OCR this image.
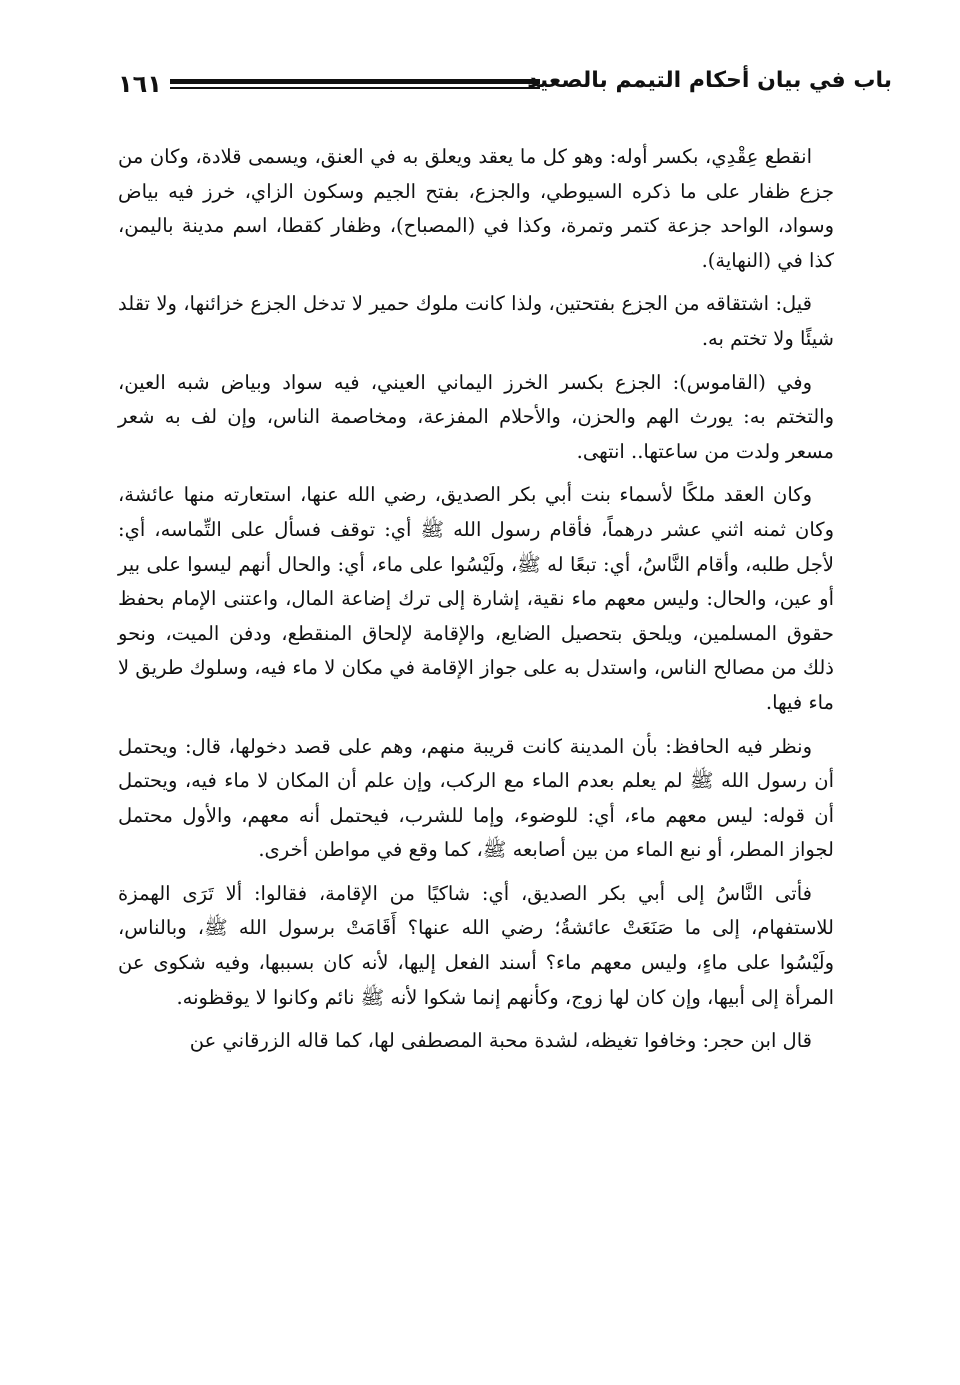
١٦١	باب في بيان أحكام التيمم بالصعيد

انقطع عِقْدِي، بكسر أوله: وهو كل ما يعقد ويعلق به في العنق، ويسمى قلادة، وكان من جزع ظفار على ما ذكره السيوطي، والجزع، بفتح الجيم وسكون الزاي، خرز فيه بياض وسواد، الواحد جزعة كتمر وتمرة، وكذا في (المصباح)، وظفار كقطا، اسم مدينة باليمن، كذا في (النهاية).

قيل: اشتقاقه من الجزع بفتحتين، ولذا كانت ملوك حمير لا تدخل الجزع خزائنها، ولا تقلد شيئًا ولا تختم به.

وفي (القاموس): الجزع بكسر الخرز اليماني العيني، فيه سواد وبياض شبه العين، والتختم به: يورث الهم والحزن، والأحلام المفزعة، ومخاصمة الناس، وإن لف به شعر مسعر ولدت من ساعتها.. انتهى.

وكان العقد ملكًا لأسماء بنت أبي بكر الصديق، رضي الله عنها، استعارته منها عائشة، وكان ثمنه اثني عشر درهماً، فأقام رسول الله ﷺ أي: توقف فسأل على التِّماسه، أي: لأجل طلبه، وأقام النَّاسُ، أي: تبعًا له ﷺ، ولَيْسُوا على ماء، أي: والحال أنهم ليسوا على بير أو عين، والحال: وليس معهم ماء نقية، إشارة إلى ترك إضاعة المال، واعتنى الإمام بحفظ حقوق المسلمين، ويلحق بتحصيل الضايع، والإقامة لإلحاق المنقطع، ودفن الميت، ونحو ذلك من مصالح الناس، واستدل به على جواز الإقامة في مكان لا ماء فيه، وسلوك طريق لا ماء فيها.

ونظر فيه الحافظ: بأن المدينة كانت قريبة منهم، وهم على قصد دخولها، قال: ويحتمل أن رسول الله ﷺ لم يعلم بعدم الماء مع الركب، وإن علم أن المكان لا ماء فيه، ويحتمل أن قوله: ليس معهم ماء، أي: للوضوء، وإما للشرب، فيحتمل أنه معهم، والأول محتمل لجواز المطر، أو نبع الماء من بين أصابعه ﷺ، كما وقع في مواطن أخرى.

فأتى النَّاسُ إلى أبي بكر الصديق، أي: شاكيًا من الإقامة، فقالوا: ألا تَرَى الهمزة للاستفهام، إلى ما صَنَعَتْ عائشةُ؛ رضي الله عنها؟ أَقَامَتْ برسول الله ﷺ، وبالناس، ولَيْسُوا على ماءٍ، وليس معهم ماء؟ أسند الفعل إليها، لأنه كان بسببها، وفيه شكوى عن المرأة إلى أبيها، وإن كان لها زوج، وكأنهم إنما شكوا لأنه ﷺ نائم وكانوا لا يوقظونه.

قال ابن حجر: وخافوا تغيظه، لشدة محبة المصطفى لها، كما قاله الزرقاني عن
